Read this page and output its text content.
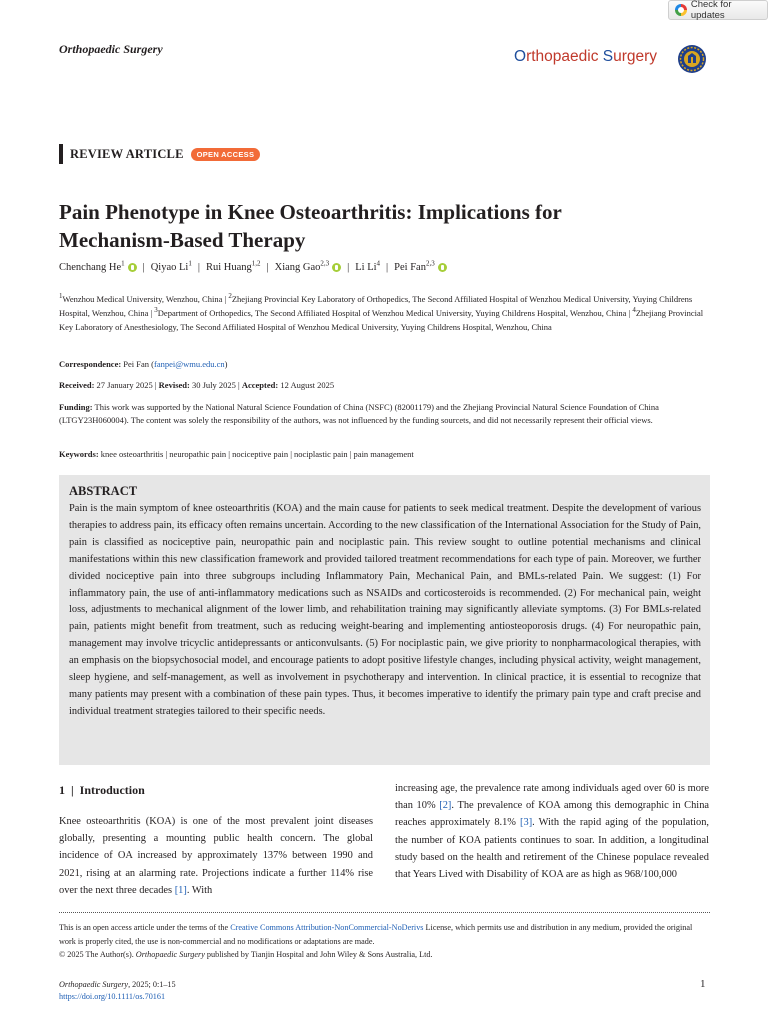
Check for updates
Orthopaedic Surgery	Orthopaedic Surgery
REVIEW ARTICLE	OPEN ACCESS
Pain Phenotype in Knee Osteoarthritis: Implications for
Mechanism-Based Therapy
Chenchang He$^1$	| Qiyao Li$^1$ | Rui Huang$^{1,2}$ | Xiang Gao$^{2,3}$	| Li Li$^4$ | Pei Fan$^{2,3}$
$^1$Wenzhou Medical University, Wenzhou, China | $^2$Zhejiang Provincial Key Laboratory of Orthopedics, The Second Affiliated Hospital of Wenzhou Medical University, Yuying Childrens Hospital, Wenzhou, China | $^3$Department of Orthopedics, The Second Affiliated Hospital of Wenzhou Medical University, Yuying Childrens Hospital, Wenzhou, China | $^4$Zhejiang Provincial Key Laboratory of Anesthesiology, The Second Affiliated Hospital of Wenzhou Medical University, Yuying Childrens Hospital, Wenzhou, China
Correspondence: Pei Fan (fanpei@wmu.edu.cn)
Received: 27 January 2025 | Revised: 30 July 2025 | Accepted: 12 August 2025
Funding: This work was supported by the National Natural Science Foundation of China (NSFC) (82001179) and the Zhejiang Provincial Natural Science Foundation of China (LTGY23H060004). The content was solely the responsibility of the authors, was not influenced by the funding sourcets, and did not necessarily represent their official views.
Keywords: knee osteoarthritis | neuropathic pain | nociceptive pain | nociplastic pain | pain management
ABSTRACT
Pain is the main symptom of knee osteoarthritis (KOA) and the main cause for patients to seek medical treatment. Despite the development of various therapies to address pain, its efficacy often remains uncertain. According to the new classification of the International Association for the Study of Pain, pain is classified as nociceptive pain, neuropathic pain and nociplastic pain. This review sought to outline potential mechanisms and clinical manifestations within this new classification framework and provided tailored treatment recommendations for each type of pain. Moreover, we further divided nociceptive pain into three subgroups including Inflammatory Pain, Mechanical Pain, and BMLs-related Pain. We suggest: (1) For inflammatory pain, the use of anti-inflammatory medications such as NSAIDs and corticosteroids is recommended. (2) For mechanical pain, weight loss, adjustments to mechanical alignment of the lower limb, and rehabilitation training may significantly alleviate symptoms. (3) For BMLs-related pain, patients might benefit from treatment, such as reducing weight-bearing and implementing antiosteoporosis drugs. (4) For neuropathic pain, management may involve tricyclic antidepressants or anticonvulsants. (5) For nociplastic pain, we give priority to nonpharmacological therapies, with an emphasis on the biopsychosocial model, and encourage patients to adopt positive lifestyle changes, including physical activity, weight management, sleep hygiene, and self-management, as well as involvement in psychotherapy and intervention. In clinical practice, it is essential to recognize that many patients may present with a combination of these pain types. Thus, it becomes imperative to identify the primary pain type and craft precise and individual treatment strategies tailored to their specific needs.
1 | Introduction
Knee osteoarthritis (KOA) is one of the most prevalent joint diseases globally, presenting a mounting public health concern. The global incidence of OA increased by approximately 137% between 1990 and 2021, rising at an alarming rate. Projections indicate a further 114% rise over the next three decades [1]. With
increasing age, the prevalence rate among individuals aged over 60 is more than 10% [2]. The prevalence of KOA among this demographic in China reaches approximately 8.1% [3]. With the rapid aging of the population, the number of KOA patients continues to soar. In addition, a longitudinal study based on the health and retirement of the Chinese populace revealed that Years Lived with Disability of KOA are as high as 968/100,000
This is an open access article under the terms of the Creative Commons Attribution-NonCommercial-NoDerivs License, which permits use and distribution in any medium, provided the original work is properly cited, the use is non-commercial and no modifications or adaptations are made.
© 2025 The Author(s). Orthopaedic Surgery published by Tianjin Hospital and John Wiley & Sons Australia, Ltd.
Orthopaedic Surgery, 2025; 0:1–15
https://doi.org/10.1111/os.70161
1
